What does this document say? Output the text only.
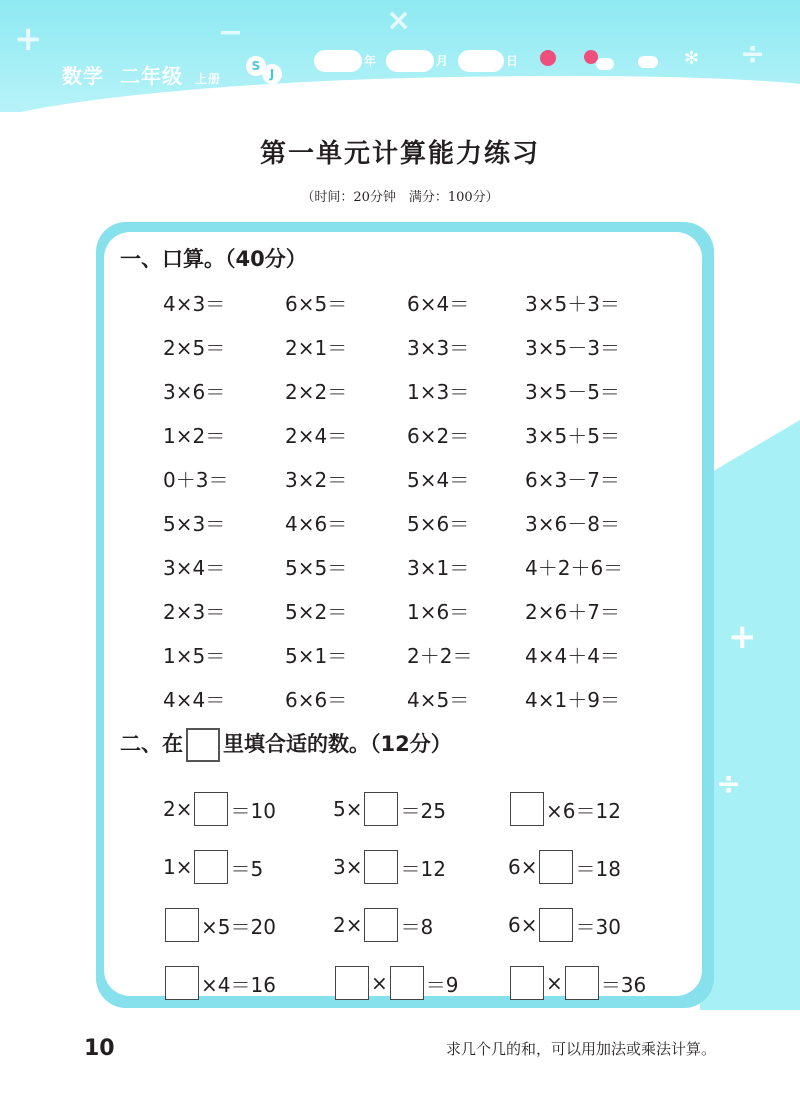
+	−	×
÷
数学 二年级 上册
S
J
年	月	日	✻
第一单元计算能力练习
（时间：20分钟　满分：100分）
+
÷
一、口算。（40分）
4×3＝	6×5＝	6×4＝	3×5＋3＝
2×5＝	2×1＝	3×3＝	3×5－3＝
3×6＝	2×2＝	1×3＝	3×5－5＝
1×2＝	2×4＝	6×2＝	3×5＋5＝
0＋3＝	3×2＝	5×4＝	6×3－7＝
5×3＝	4×6＝	5×6＝	3×6－8＝
3×4＝	5×5＝	3×1＝	4＋2＋6＝
2×3＝	5×2＝	1×6＝	2×6＋7＝
1×5＝	5×1＝	2＋2＝	4×4＋4＝
4×4＝	6×6＝	4×5＝	4×1＋9＝
二、在 里填合适的数。（12分）
2× ＝10	5× ＝25	×6＝12
1× ＝5	3× ＝12	6× ＝18
×5＝20	2× ＝8	6× ＝30
×4＝16	× ＝9	× ＝36
10	求几个几的和，可以用加法或乘法计算。
